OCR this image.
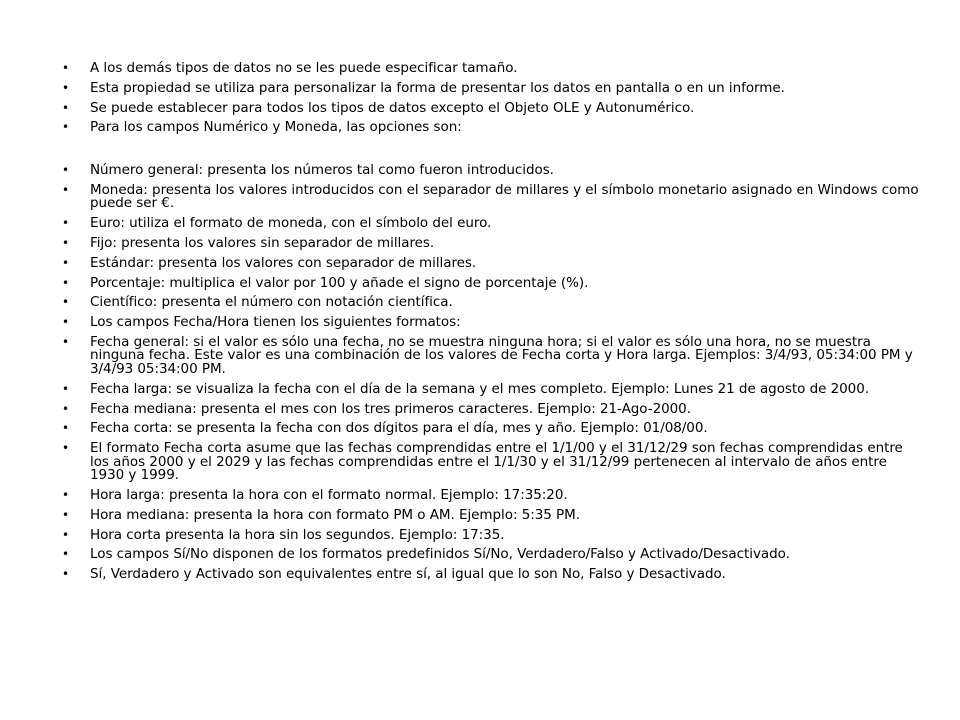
• A los demás tipos de datos no se les puede especificar tamaño.
• Esta propiedad se utiliza para personalizar la forma de presentar los datos en pantalla o en un informe.
• Se puede establecer para todos los tipos de datos excepto el Objeto OLE y Autonumérico.
• Para los campos Numérico y Moneda, las opciones son:
• Número general: presenta los números tal como fueron introducidos.
• Moneda: presenta los valores introducidos con el separador de millares y el símbolo monetario asignado en Windows como puede ser €.
• Euro: utiliza el formato de moneda, con el símbolo del euro.
• Fijo: presenta los valores sin separador de millares.
• Estándar: presenta los valores con separador de millares.
• Porcentaje: multiplica el valor por 100 y añade el signo de porcentaje (%).
• Científico: presenta el número con notación científica.
• Los campos Fecha/Hora tienen los siguientes formatos:
• Fecha general: si el valor es sólo una fecha, no se muestra ninguna hora; si el valor es sólo una hora, no se muestra ninguna fecha. Este valor es una combinación de los valores de Fecha corta y Hora larga. Ejemplos: 3/4/93, 05:34:00 PM y 3/4/93 05:34:00 PM.
• Fecha larga: se visualiza la fecha con el día de la semana y el mes completo. Ejemplo: Lunes 21 de agosto de 2000.
• Fecha mediana: presenta el mes con los tres primeros caracteres. Ejemplo: 21-Ago-2000.
• Fecha corta: se presenta la fecha con dos dígitos para el día, mes y año. Ejemplo: 01/08/00.
• El formato Fecha corta asume que las fechas comprendidas entre el 1/1/00 y el 31/12/29 son fechas comprendidas entre los años 2000 y el 2029 y las fechas comprendidas entre el 1/1/30 y el 31/12/99 pertenecen al intervalo de años entre 1930 y 1999.
• Hora larga: presenta la hora con el formato normal. Ejemplo: 17:35:20.
• Hora mediana: presenta la hora con formato PM o AM. Ejemplo: 5:35 PM.
• Hora corta presenta la hora sin los segundos. Ejemplo: 17:35.
• Los campos Sí/No disponen de los formatos predefinidos Sí/No, Verdadero/Falso y Activado/Desactivado.
• Sí, Verdadero y Activado son equivalentes entre sí, al igual que lo son No, Falso y Desactivado.
